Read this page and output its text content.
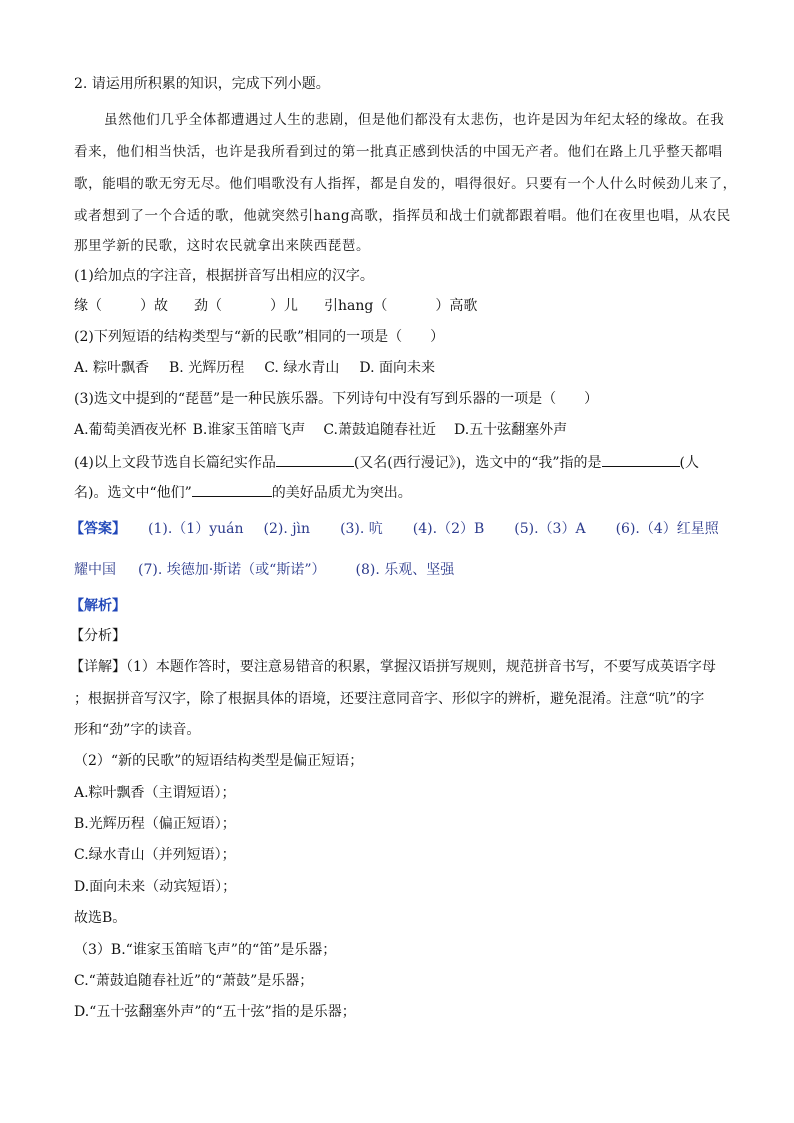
2. 请运用所积累的知识，完成下列小题。
虽然他们几乎全体都遭遇过人生的悲剧，但是他们都没有太悲伤，也许是因为年纪太轻的缘故。在我
看来，他们相当快活，也许是我所看到过的第一批真正感到快活的中国无产者。他们在路上几乎整天都唱
歌，能唱的歌无穷无尽。他们唱歌没有人指挥，都是自发的，唱得很好。只要有一个人什么时候劲儿来了，
或者想到了一个合适的歌，他就突然引hang高歌，指挥员和战士们就都跟着唱。他们在夜里也唱，从农民
那里学新的民歌，这时农民就拿出来陕西琵琶。
(1)给加点的字注音，根据拼音写出相应的汉字。
缘（	）故 劲（	）儿 引hang（	）高歌
(2)下列短语的结构类型与“新的民歌”相同的一项是（　　）
A. 粽叶飘香 B. 光辉历程 C. 绿水青山 D. 面向未来
(3)选文中提到的“琵琶”是一种民族乐器。下列诗句中没有写到乐器的一项是（　　）
A.葡萄美酒夜光杯 B.谁家玉笛暗飞声 C.萧鼓追随春社近 D.五十弦翻塞外声
(4)以上文段节选自长篇纪实作品	(又名(西行漫记》)，选文中的“我”指的是	(人
名)。选文中“他们”	的美好品质尤为突出。
【答案】 (1).（1）yuán (2). jìn (3). 吭 (4).（2）B (5).（3）A (6).（4）红星照
耀中国 (7). 埃德加·斯诺（或“斯诺”） (8). 乐观、坚强
【解析】
【分析】
【详解】（1）本题作答时，要注意易错音的积累，掌握汉语拼写规则，规范拼音书写，不要写成英语字母
；根据拼音写汉字，除了根据具体的语境，还要注意同音字、形似字的辨析，避免混淆。注意“吭”的字
形和“劲”字的读音。
（2）“新的民歌”的短语结构类型是偏正短语；
A.粽叶飘香（主谓短语）；
B.光辉历程（偏正短语）；
C.绿水青山（并列短语）；
D.面向未来（动宾短语）；
故选B。
（3）B.“谁家玉笛暗飞声”的“笛”是乐器；
C.“萧鼓追随春社近”的“萧鼓”是乐器；
D.“五十弦翻塞外声”的“五十弦”指的是乐器；
